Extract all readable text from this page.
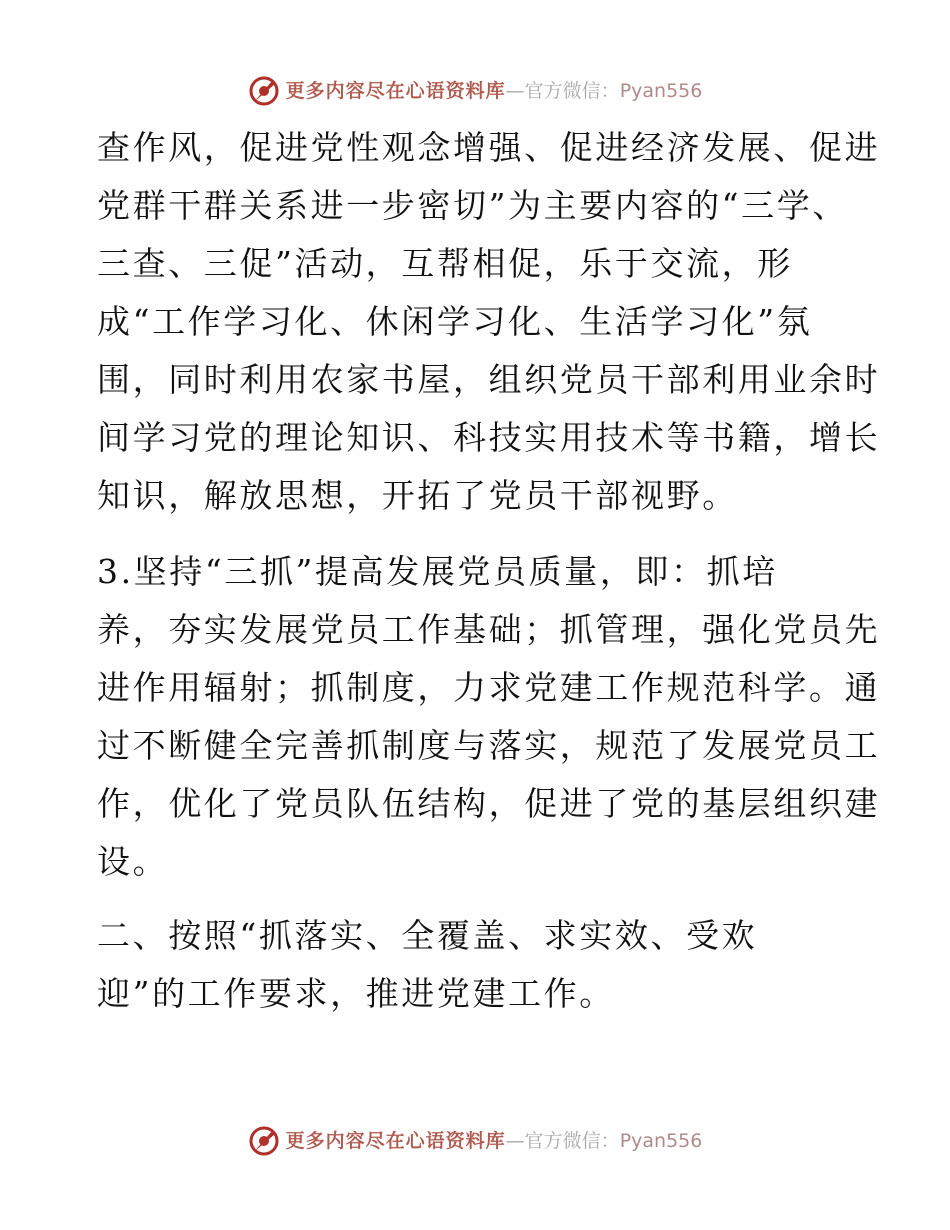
更多内容尽在心语资料库 — 官方微信： Pyan556

查作风，促进党性观念增强、促进经济发展、促进

党群干群关系进一步密切”为主要内容的“三学、

三查、三促”活动，互帮相促，乐于交流，形

成“工作学习化、休闲学习化、生活学习化”氛

围，同时利用农家书屋，组织党员干部利用业余时

间学习党的理论知识、科技实用技术等书籍，增长

知识，解放思想，开拓了党员干部视野。

3.坚持“三抓”提高发展党员质量，即：抓培

养，夯实发展党员工作基础；抓管理，强化党员先

进作用辐射；抓制度，力求党建工作规范科学。通

过不断健全完善抓制度与落实，规范了发展党员工

作，优化了党员队伍结构，促进了党的基层组织建

设。

二、按照“抓落实、全覆盖、求实效、受欢

迎”的工作要求，推进党建工作。

更多内容尽在心语资料库 — 官方微信： Pyan556
